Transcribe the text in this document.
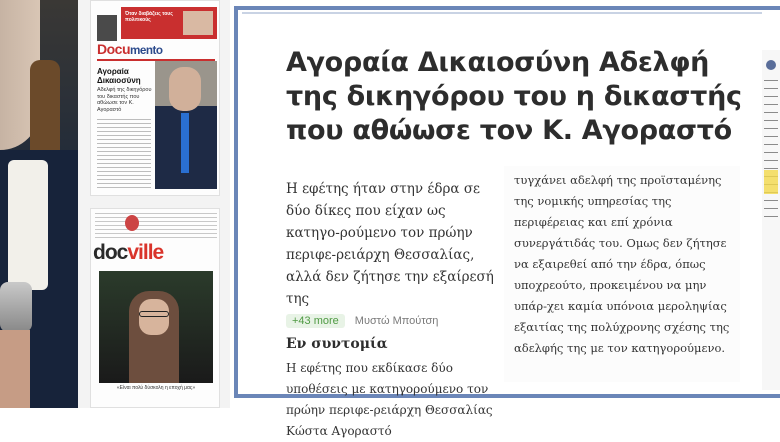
Όταν διαβάζεις τους πολιτικούς
Documento
Αγοραία Δικαιοσύνη
Αδελφή της δικηγόρου του δικαστής που αθώωσε τον Κ. Αγοραστό
docville
«Είναι πολύ δύσκολη η εποχή μας»
Αγοραία Δικαιοσύνη Αδελφή της δικηγόρου του η δικαστής που αθώωσε τον Κ. Αγοραστό

Η εφέτης ήταν στην έδρα σε δύο δίκες που είχαν ως κατηγο-ρούμενο τον πρώην περιφε-ρειάρχη Θεσσαλίας, αλλά δεν ζήτησε την εξαίρεσή της

+43 more	Μυστώ Μπούτση
Εν συντομία

Η εφέτης που εκδίκασε δύο υποθέσεις με κατηγορούμενο τον πρώην περιφε-ρειάρχη Θεσσαλίας Κώστα Αγοραστό

τυγχάνει αδελφή της προϊσταμένης της νομικής υπηρεσίας της περιφέρειας και επί χρόνια συνεργάτιδάς του. Ομως δεν ζήτησε να εξαιρεθεί από την έδρα, όπως υποχρεούτο, προκειμένου να μην υπάρ-χει καμία υπόνοια μεροληψίας εξαιτίας της πολύχρονης σχέσης της αδελφής της με τον κατηγορούμενο.
